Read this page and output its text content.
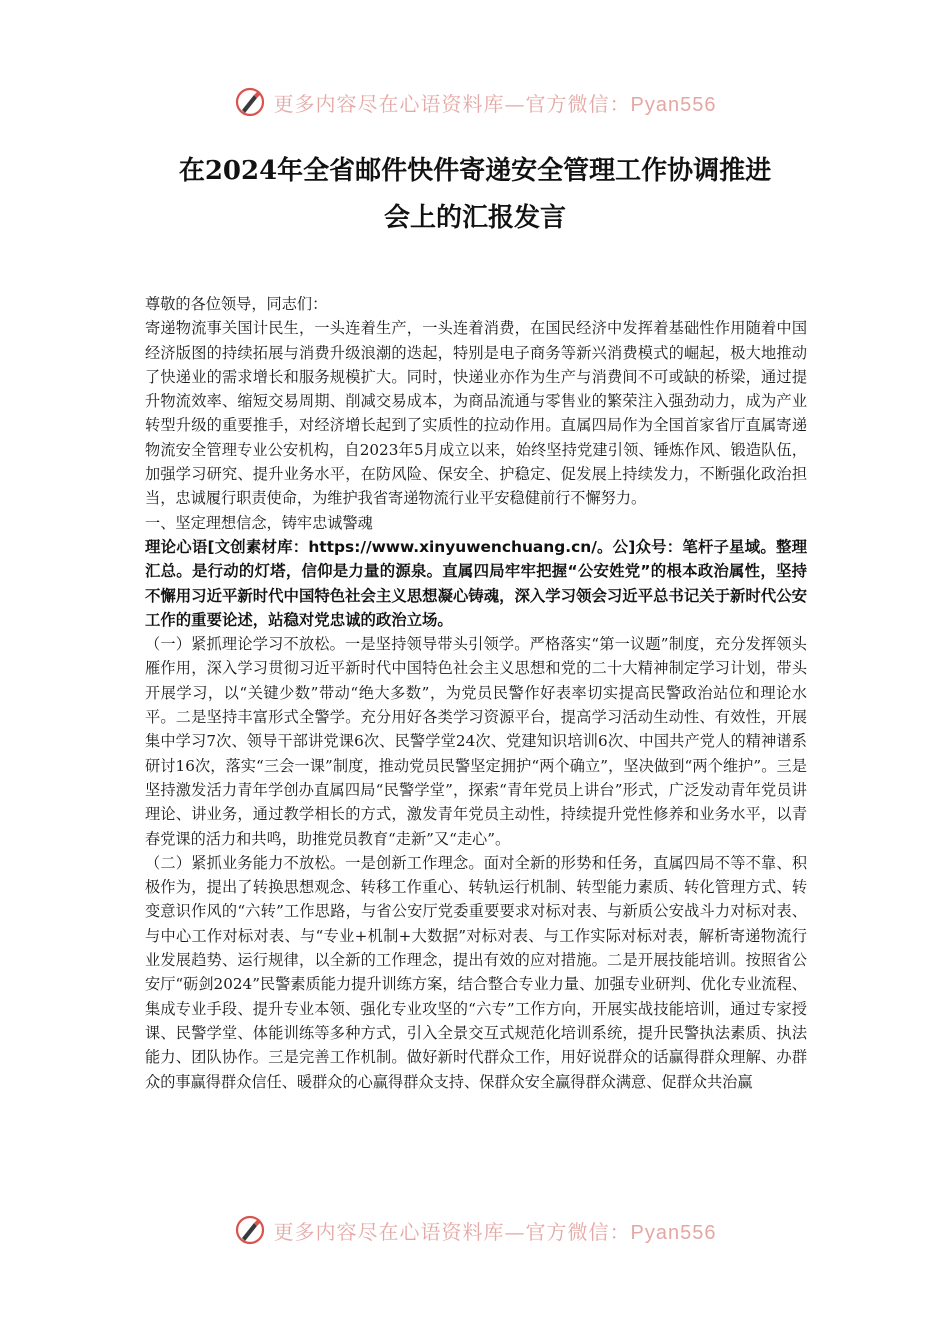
更多内容尽在心语资料库—官方微信：Pyan556
在2024年全省邮件快件寄递安全管理工作协调推进
会上的汇报发言

尊敬的各位领导，同志们：

寄递物流事关国计民生，一头连着生产，一头连着消费，在国民经济中发挥着基础性作用随着中国经济版图的持续拓展与消费升级浪潮的迭起，特别是电子商务等新兴消费模式的崛起，极大地推动了快递业的需求增长和服务规模扩大。同时，快递业亦作为生产与消费间不可或缺的桥梁，通过提升物流效率、缩短交易周期、削减交易成本，为商品流通与零售业的繁荣注入强劲动力，成为产业转型升级的重要推手，对经济增长起到了实质性的拉动作用。直属四局作为全国首家省厅直属寄递物流安全管理专业公安机构，自2023年5月成立以来，始终坚持党建引领、锤炼作风、锻造队伍，加强学习研究、提升业务水平，在防风险、保安全、护稳定、促发展上持续发力，不断强化政治担当，忠诚履行职责使命，为维护我省寄递物流行业平安稳健前行不懈努力。

一、坚定理想信念，铸牢忠诚警魂

理论心语[文创素材库：https://www.xinyuwenchuang.cn/。公]众号：笔杆子星域。整理汇总。是行动的灯塔，信仰是力量的源泉。直属四局牢牢把握“公安姓党”的根本政治属性，坚持不懈用习近平新时代中国特色社会主义思想凝心铸魂，深入学习领会习近平总书记关于新时代公安工作的重要论述，站稳对党忠诚的政治立场。

（一）紧抓理论学习不放松。一是坚持领导带头引领学。严格落实“第一议题”制度，充分发挥领头雁作用，深入学习贯彻习近平新时代中国特色社会主义思想和党的二十大精神制定学习计划，带头开展学习，以“关键少数”带动“绝大多数”，为党员民警作好表率切实提高民警政治站位和理论水平。二是坚持丰富形式全警学。充分用好各类学习资源平台，提高学习活动生动性、有效性，开展集中学习7次、领导干部讲党课6次、民警学堂24次、党建知识培训6次、中国共产党人的精神谱系研讨16次，落实“三会一课”制度，推动党员民警坚定拥护“两个确立”，坚决做到“两个维护”。三是坚持激发活力青年学创办直属四局“民警学堂”，探索“青年党员上讲台”形式，广泛发动青年党员讲理论、讲业务，通过教学相长的方式，激发青年党员主动性，持续提升党性修养和业务水平，以青春党课的活力和共鸣，助推党员教育“走新”又“走心”。

（二）紧抓业务能力不放松。一是创新工作理念。面对全新的形势和任务，直属四局不等不靠、积极作为，提出了转换思想观念、转移工作重心、转轨运行机制、转型能力素质、转化管理方式、转变意识作风的“六转”工作思路，与省公安厅党委重要要求对标对表、与新质公安战斗力对标对表、与中心工作对标对表、与“专业+机制+大数据”对标对表、与工作实际对标对表，解析寄递物流行业发展趋势、运行规律，以全新的工作理念，提出有效的应对措施。二是开展技能培训。按照省公安厅“砺剑2024”民警素质能力提升训练方案，结合整合专业力量、加强专业研判、优化专业流程、集成专业手段、提升专业本领、强化专业攻坚的“六专”工作方向，开展实战技能培训，通过专家授课、民警学堂、体能训练等多种方式，引入全景交互式规范化培训系统，提升民警执法素质、执法能力、团队协作。三是完善工作机制。做好新时代群众工作，用好说群众的话赢得群众理解、办群众的事赢得群众信任、暖群众的心赢得群众支持、保群众安全赢得群众满意、促群众共治赢

更多内容尽在心语资料库—官方微信：Pyan556
